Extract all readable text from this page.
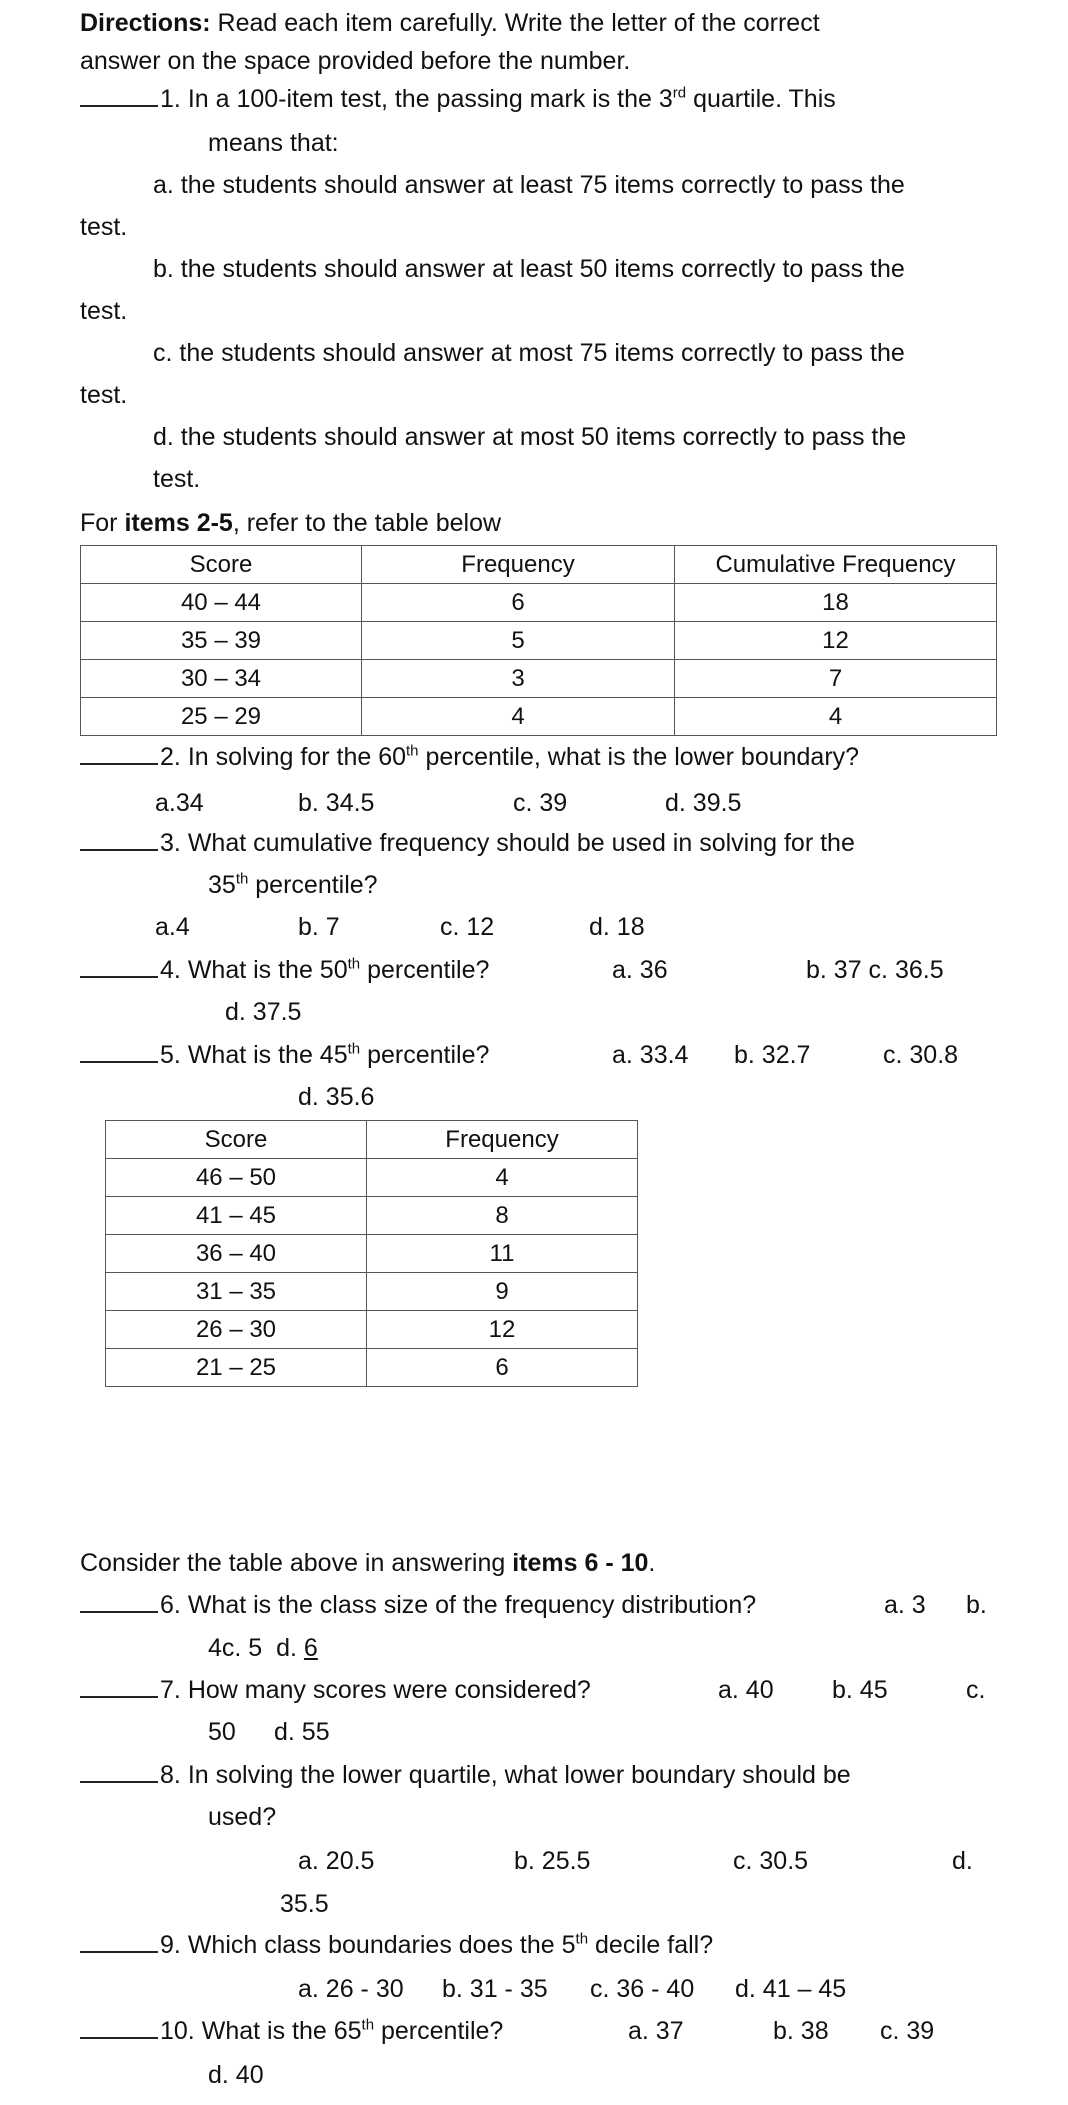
Directions: Read each item carefully. Write the letter of the correct
answer on the space provided before the number.
1. In a 100-item test, the passing mark is the 3rd quartile. This
means that:
a. the students should answer at least 75 items correctly to pass the
test.
b. the students should answer at least 50 items correctly to pass the
test.
c. the students should answer at most 75 items correctly to pass the
test.
d. the students should answer at most 50 items correctly to pass the
test.
For items 2-5, refer to the table below
Score	Frequency	Cumulative Frequency
40 – 44	6	18
35 – 39	5	12
30 – 34	3	7
25 – 29	4	4
2. In solving for the 60th percentile, what is the lower boundary?
a.34	b. 34.5	c. 39	d. 39.5
3. What cumulative frequency should be used in solving for the
35th percentile?
a.4	b. 7	c. 12	d. 18
4. What is the 50th percentile?	a. 36	b. 37 c. 36.5
d. 37.5
5. What is the 45th percentile?	a. 33.4 b. 32.7	c. 30.8
d. 35.6
Score	Frequency
46 – 50	4
41 – 45	8
36 – 40	11
31 – 35	9
26 – 30	12
21 – 25	6
Consider the table above in answering items 6 - 10.
6. What is the class size of the frequency distribution?	a. 3 b.
4c. 5 d. 6
7. How many scores were considered?	a. 40 b. 45	c.
50 d. 55
8. In solving the lower quartile, what lower boundary should be
used?
a. 20.5	b. 25.5	c. 30.5	d.
35.5
9. Which class boundaries does the 5th decile fall?
a. 26 - 30 b. 31 - 35 c. 36 - 40 d. 41 – 45
10. What is the 65th percentile?	a. 37	b. 38 c. 39
d. 40
